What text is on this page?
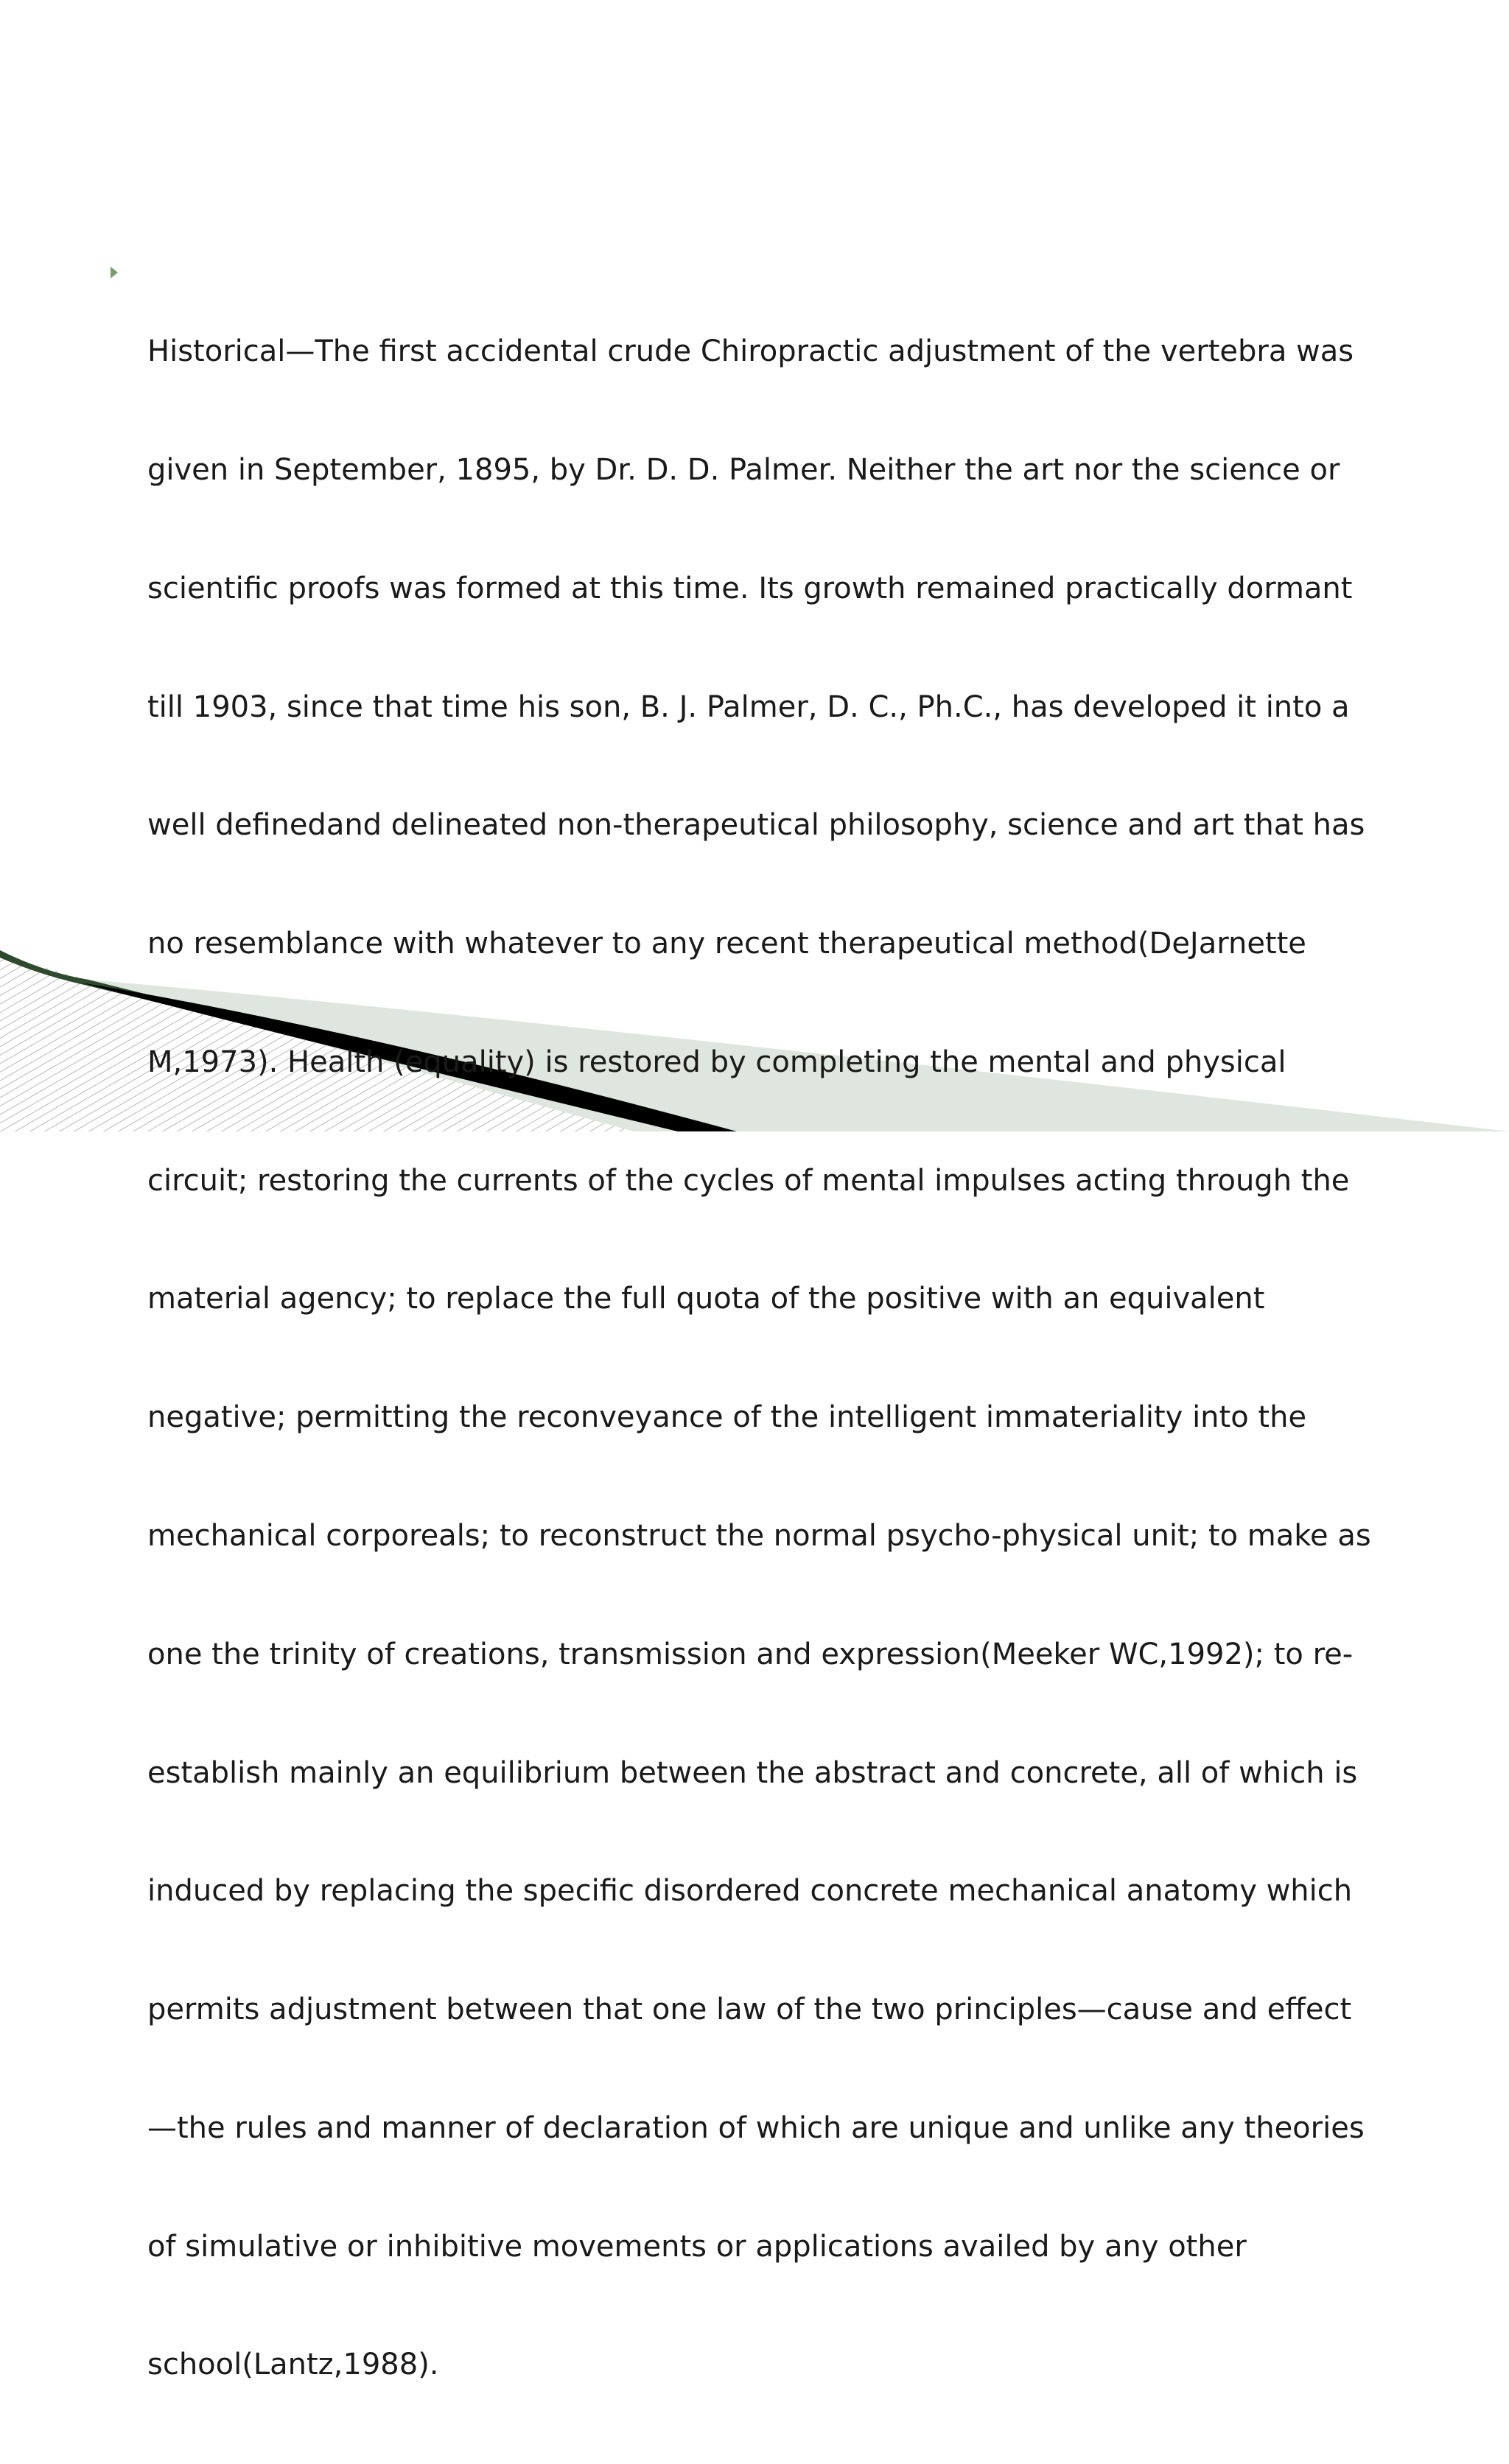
Historical—The first accidental crude Chiropractic adjustment of the vertebra was

given in September, 1895, by Dr. D. D. Palmer. Neither the art nor the science or

scientific proofs was formed at this time. Its growth remained practically dormant

till 1903, since that time his son, B. J. Palmer, D. C., Ph.C., has developed it into a

well definedand delineated non-therapeutical philosophy, science and art that has

no resemblance with whatever to any recent therapeutical method(DeJarnette

M,1973). Health (equality) is restored by completing the mental and physical

circuit; restoring the currents of the cycles of mental impulses acting through the

material agency; to replace the full quota of the positive with an equivalent

negative; permitting the reconveyance of the intelligent immateriality into the

mechanical corporeals; to reconstruct the normal psycho-physical unit; to make as

one the trinity of creations, transmission and expression(Meeker WC,1992); to re-

establish mainly an equilibrium between the abstract and concrete, all of which is

induced by replacing the specific disordered concrete mechanical anatomy which

permits adjustment between that one law of the two principles—cause and effect

—the rules and manner of declaration of which are unique and unlike any theories

of simulative or inhibitive movements or applications availed by any other

school(Lantz,1988).
